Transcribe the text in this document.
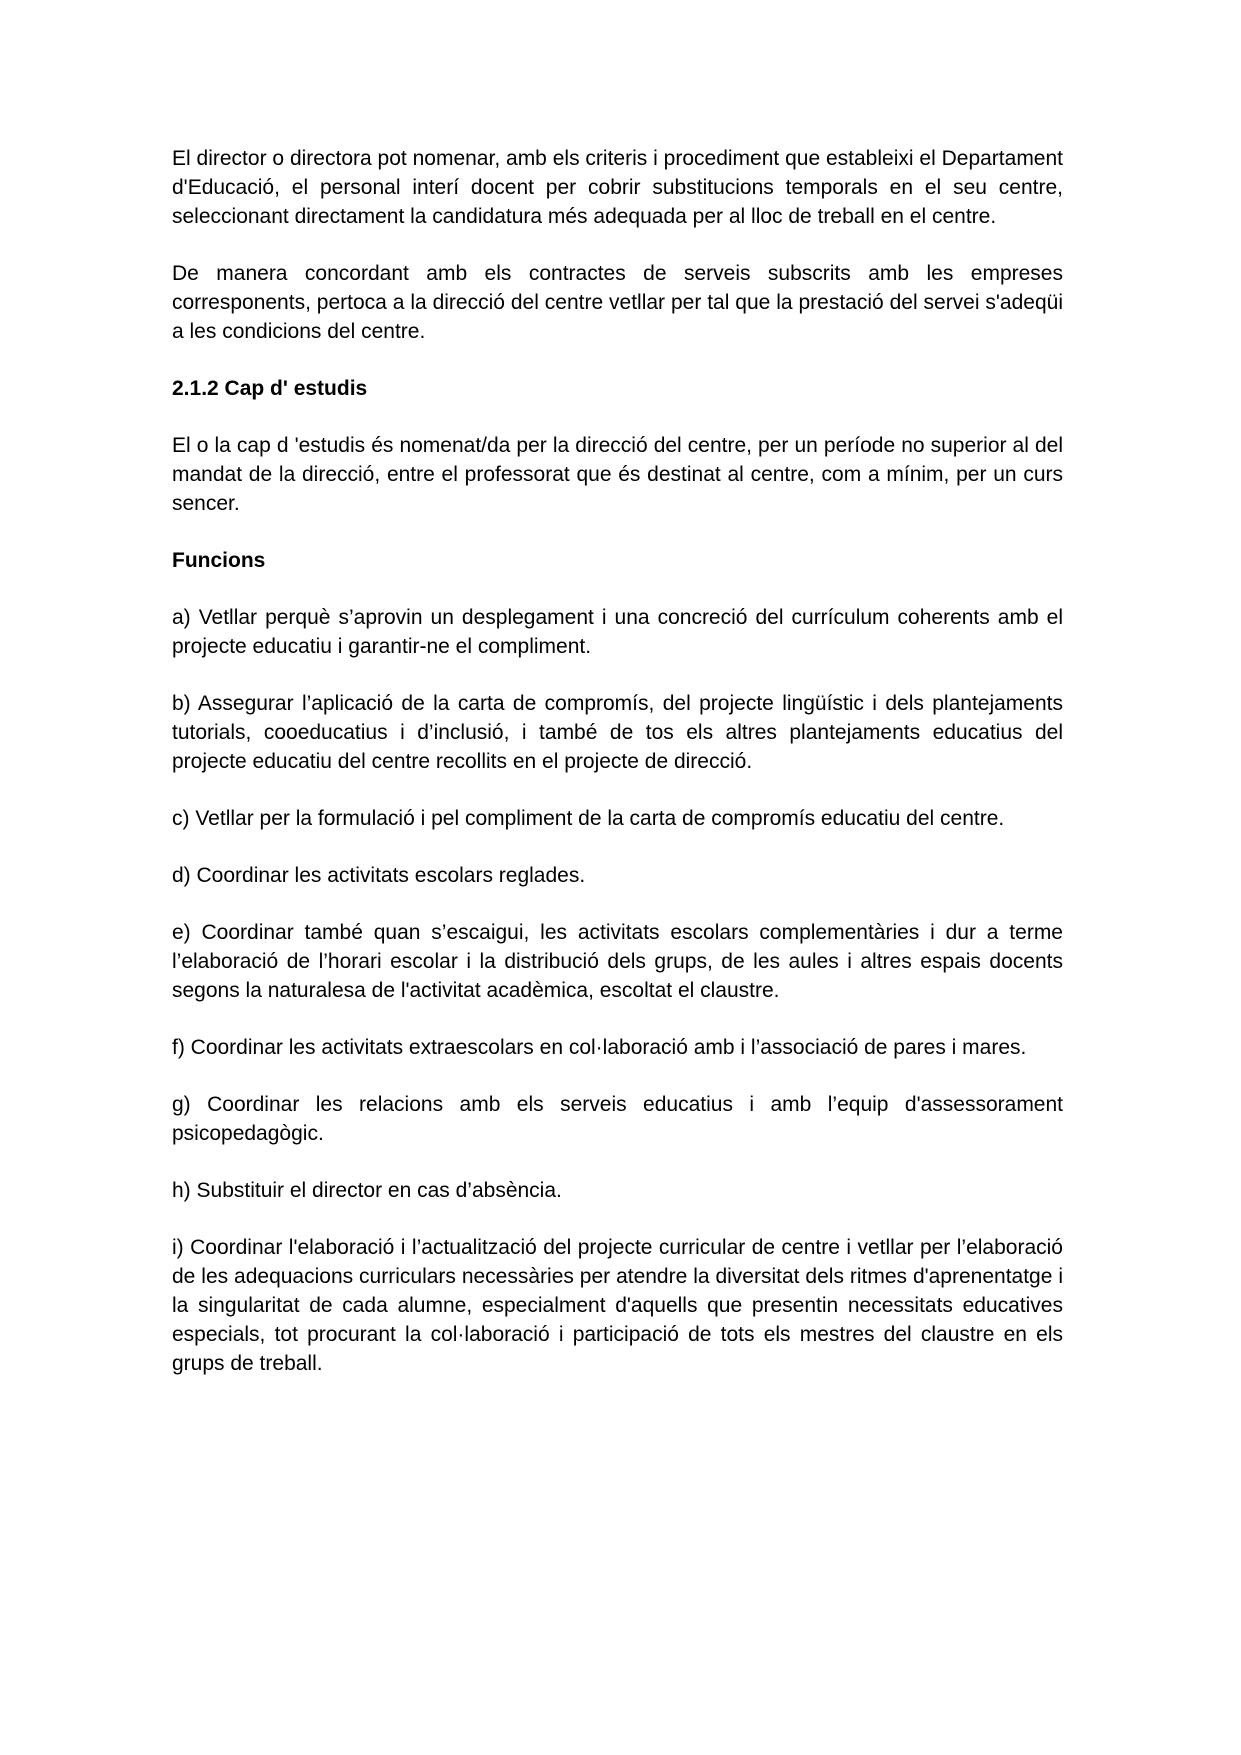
El director o directora pot nomenar, amb els criteris i procediment que estableixi el Departament d'Educació, el personal interí docent per cobrir substitucions temporals en el seu centre, seleccionant directament la candidatura més adequada per al lloc de treball en el centre.

De manera concordant amb els contractes de serveis subscrits amb les empreses corresponents, pertoca a la direcció del centre vetllar per tal que la prestació del servei s'adeqüi a les condicions del centre.

2.1.2 Cap d' estudis

El o la cap d 'estudis és nomenat/da per la direcció del centre, per un període no superior al del mandat de la direcció, entre el professorat que és destinat al centre, com a mínim, per un curs sencer.

Funcions

a) Vetllar perquè s’aprovin un desplegament i una concreció del currículum coherents amb el projecte educatiu i garantir-ne el compliment.

b) Assegurar l’aplicació de la carta de compromís, del projecte lingüístic i dels plantejaments tutorials, cooeducatius i d’inclusió, i també de tos els altres plantejaments educatius del projecte educatiu del centre recollits en el projecte de direcció.

c) Vetllar per la formulació i pel compliment de la carta de compromís educatiu del centre.

d) Coordinar les activitats escolars reglades.

e) Coordinar també quan s’escaigui, les activitats escolars complementàries i dur a terme l’elaboració de l’horari escolar i la distribució dels grups, de les aules i altres espais docents segons la naturalesa de l'activitat acadèmica, escoltat el claustre.

f) Coordinar les activitats extraescolars en col·laboració amb i l’associació de pares i mares.

g) Coordinar les relacions amb els serveis educatius i amb l’equip d'assessorament psicopedagògic.

h) Substituir el director en cas d’absència.

i) Coordinar l'elaboració i l’actualització del projecte curricular de centre i vetllar per l’elaboració de les adequacions curriculars necessàries per atendre la diversitat dels ritmes d'aprenentatge i la singularitat de cada alumne, especialment d'aquells que presentin necessitats educatives especials, tot procurant la col·laboració i participació de tots els mestres del claustre en els grups de treball.
